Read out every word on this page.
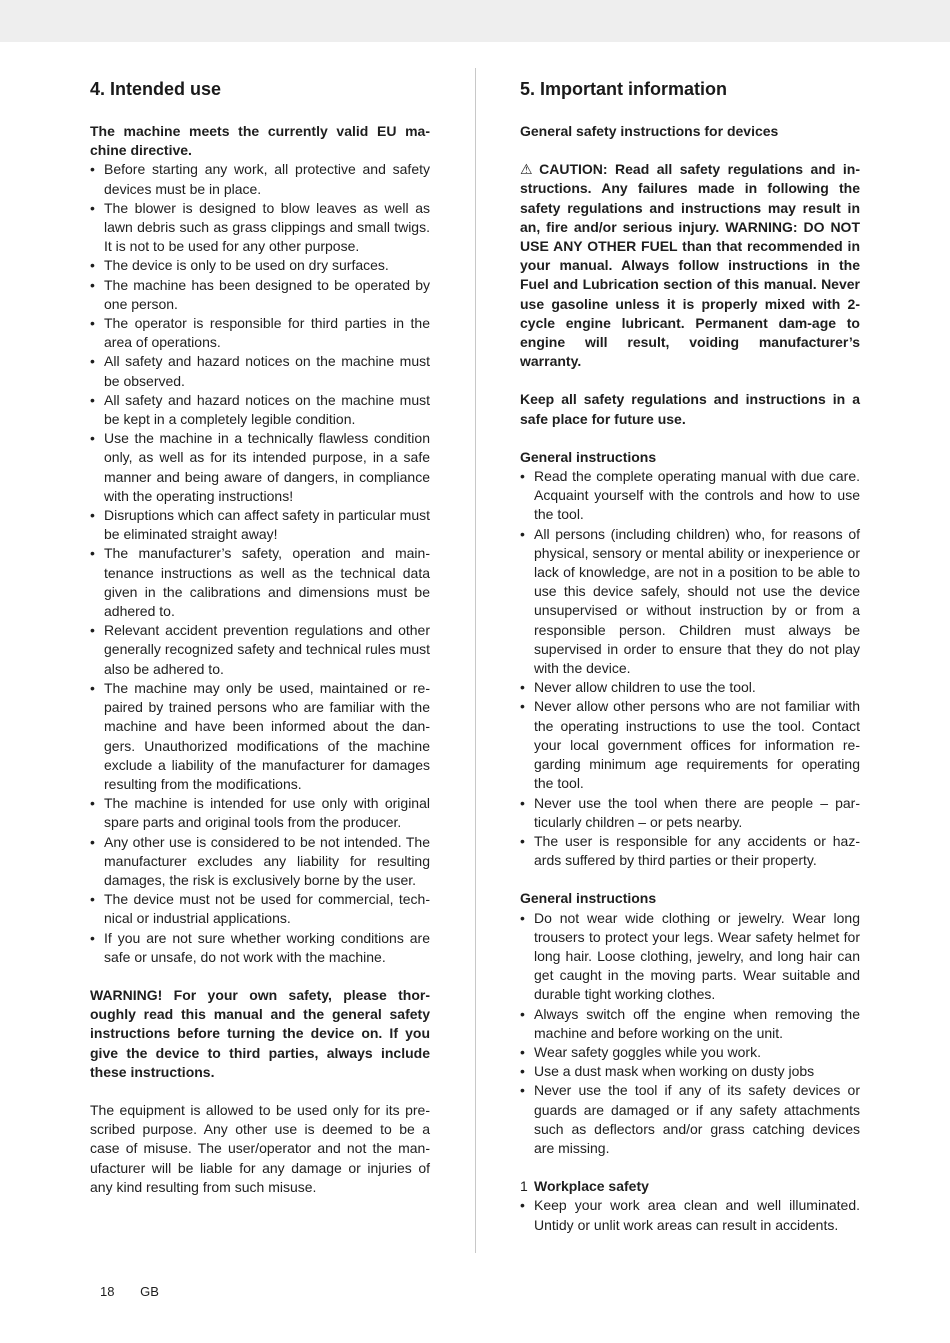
4. Intended use

The machine meets the currently valid EU ma-chine directive.

• Before starting any work, all protective and safety devices must be in place.
• The blower is designed to blow leaves as well as lawn debris such as grass clippings and small twigs. It is not to be used for any other purpose.
• The device is only to be used on dry surfaces.
• The machine has been designed to be operated by one person.
• The operator is responsible for third parties in the area of operations.
• All safety and hazard notices on the machine must be observed.
• All safety and hazard notices on the machine must be kept in a completely legible condition.
• Use the machine in a technically flawless condition only, as well as for its intended purpose, in a safe manner and being aware of dangers, in compliance with the operating instructions!
• Disruptions which can affect safety in particular must be eliminated straight away!
• The manufacturer’s safety, operation and main-tenance instructions as well as the technical data given in the calibrations and dimensions must be adhered to.
• Relevant accident prevention regulations and other generally recognized safety and technical rules must also be adhered to.
• The machine may only be used, maintained or re-paired by trained persons who are familiar with the machine and have been informed about the dan-gers. Unauthorized modifications of the machine exclude a liability of the manufacturer for damages resulting from the modifications.
• The machine is intended for use only with original spare parts and original tools from the producer.
• Any other use is considered to be not intended. The manufacturer excludes any liability for resulting damages, the risk is exclusively borne by the user.
• The device must not be used for commercial, tech-nical or industrial applications.
• If you are not sure whether working conditions are safe or unsafe, do not work with the machine.

WARNING! For your own safety, please thor-oughly read this manual and the general safety instructions before turning the device on. If you give the device to third parties, always include these instructions.

The equipment is allowed to be used only for its pre-scribed purpose. Any other use is deemed to be a case of misuse. The user/operator and not the man-ufacturer will be liable for any damage or injuries of any kind resulting from such misuse.

5. Important information

General safety instructions for devices

⚠ CAUTION: Read all safety regulations and in-structions. Any failures made in following the safety regulations and instructions may result in an, fire and/or serious injury. WARNING: DO NOT USE ANY OTHER FUEL than that recommended in your manual. Always follow instructions in the Fuel and Lubrication section of this manual. Never use gasoline unless it is properly mixed with 2-cycle engine lubricant. Permanent dam-age to engine will result, voiding manufacturer’s warranty.

Keep all safety regulations and instructions in a safe place for future use.

General instructions

• Read the complete operating manual with due care. Acquaint yourself with the controls and how to use the tool.
• All persons (including children) who, for reasons of physical, sensory or mental ability or inexperience or lack of knowledge, are not in a position to be able to use this device safely, should not use the device unsupervised or without instruction by or from a responsible person. Children must always be supervised in order to ensure that they do not play with the device.
• Never allow children to use the tool.
• Never allow other persons who are not familiar with the operating instructions to use the tool. Contact your local government offices for information re-garding minimum age requirements for operating the tool.
• Never use the tool when there are people – par-ticularly children – or pets nearby.
• The user is responsible for any accidents or haz-ards suffered by third parties or their property.

General instructions

• Do not wear wide clothing or jewelry. Wear long trousers to protect your legs. Wear safety helmet for long hair. Loose clothing, jewelry, and long hair can get caught in the moving parts. Wear suitable and durable tight working clothes.
• Always switch off the engine when removing the machine and before working on the unit.
• Wear safety goggles while you work.
• Use a dust mask when working on dusty jobs
• Never use the tool if any of its safety devices or guards are damaged or if any safety attachments such as deflectors and/or grass catching devices are missing.

1 Workplace safety

• Keep your work area clean and well illuminated. Untidy or unlit work areas can result in accidents.
18 GB
